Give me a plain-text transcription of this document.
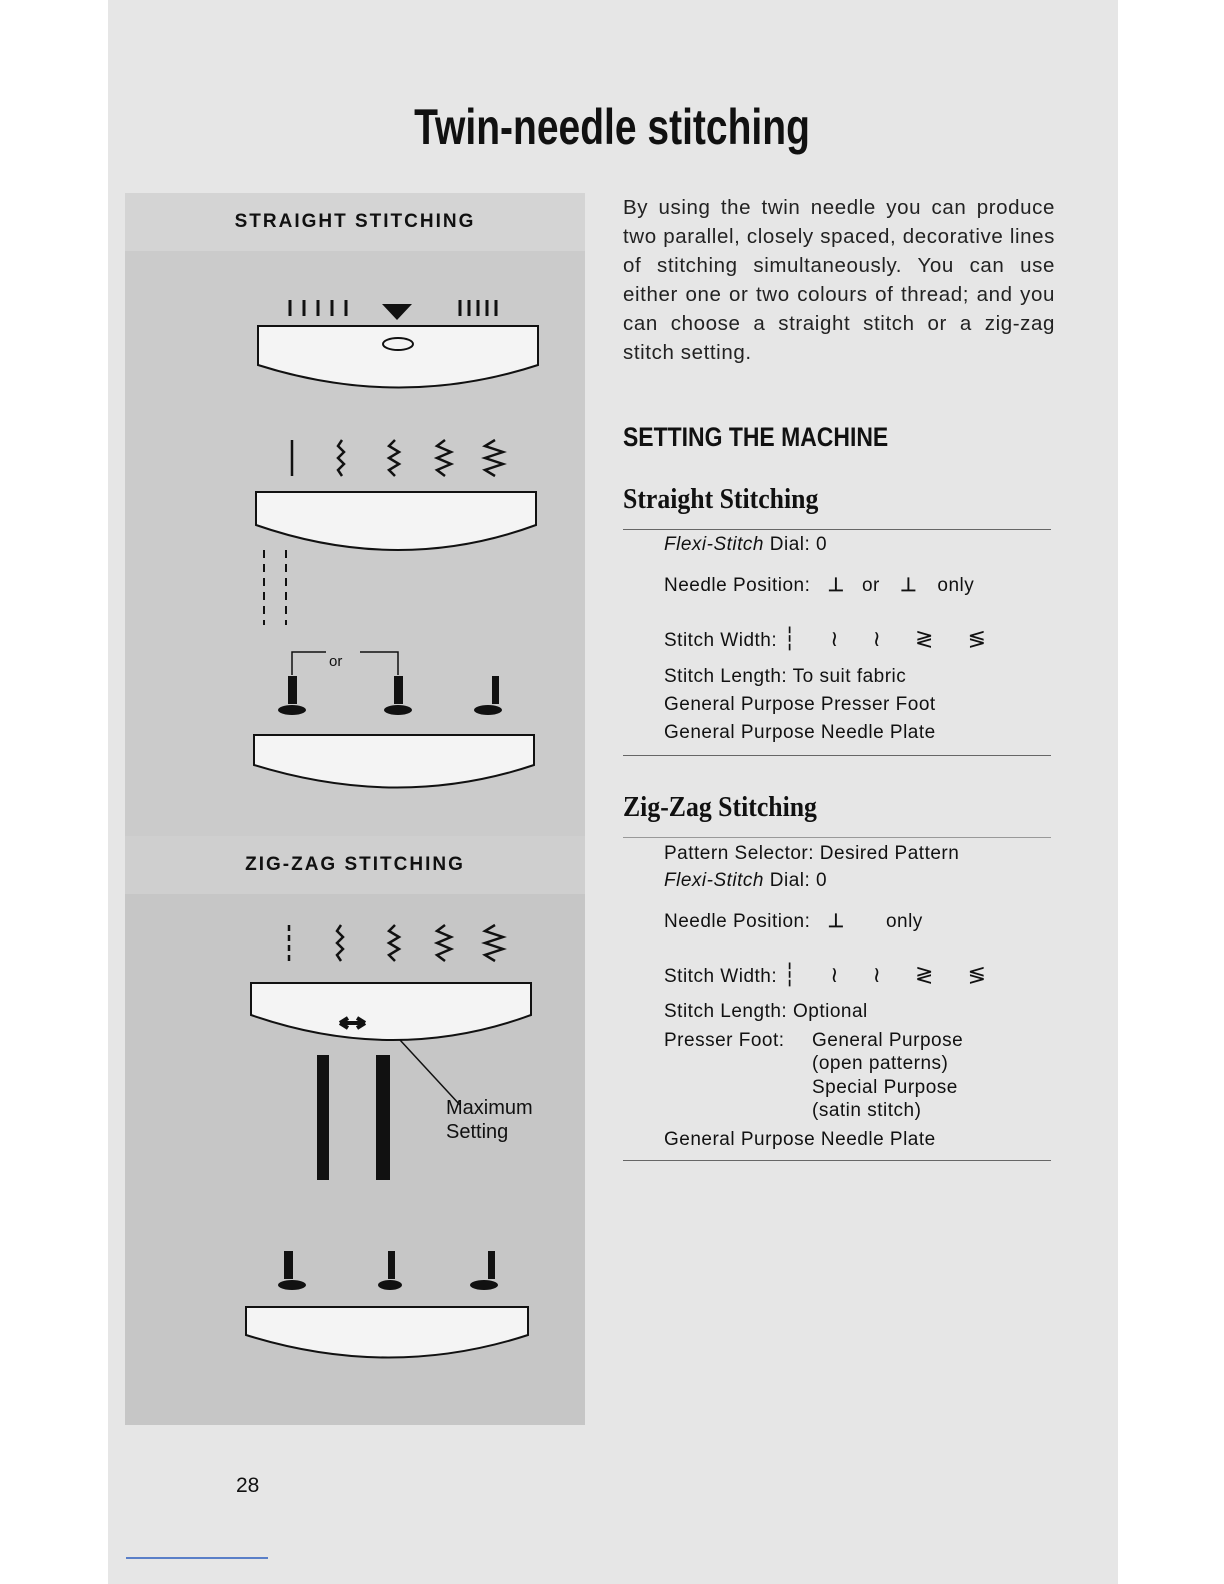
Twin-needle stitching
STRAIGHT STITCHING
ZIG-ZAG STITCHING
or
Maximum
Setting
By using the twin needle you can produce two parallel, closely spaced, decorative lines of stitching simultaneously. You can use either one or two colours of thread; and you can choose a straight stitch or a zig-zag stitch setting.
SETTING THE MACHINE
Straight Stitching
Flexi-Stitch Dial: 0
Needle Position: ⊥ or ⊥ only
Stitch Width: ┆ ≀ ≀ ≷ ≶
Stitch Length: To suit fabric
General Purpose Presser Foot
General Purpose Needle Plate
Zig-Zag Stitching
Pattern Selector: Desired Pattern
Flexi-Stitch Dial: 0
Needle Position: ⊥ only
Stitch Width: ┆ ≀ ≀ ≷ ≶
Stitch Length: Optional
Presser Foot: General Purpose
(open patterns)
Special Purpose
(satin stitch)
General Purpose Needle Plate
28
